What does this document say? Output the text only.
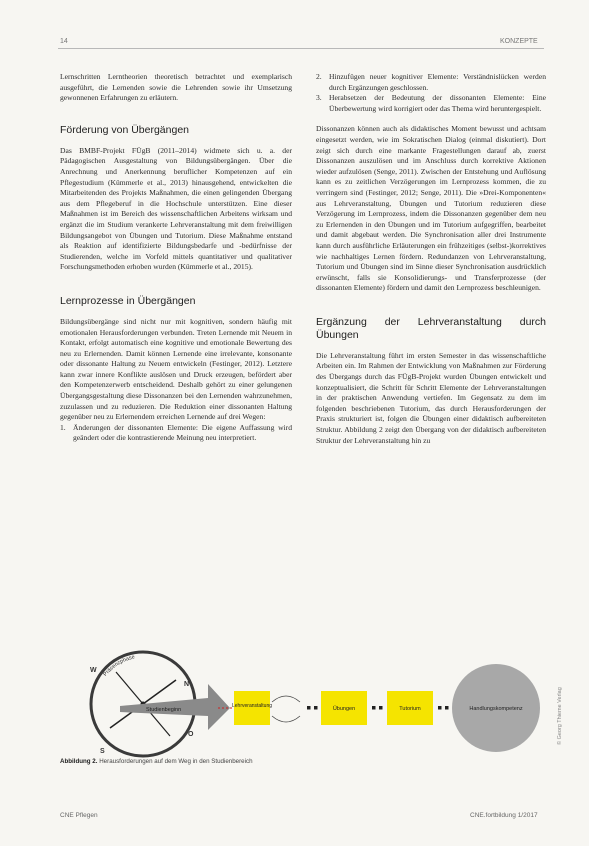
14	KONZEPTE

Lernschritten Lerntheorien theoretisch betrachtet und exemplarisch ausgeführt, die Lernenden sowie die Lehrenden sowie ihr Umsetzung gewonnenen Erfahrungen zu erläutern.

Förderung von Übergängen

Das BMBF-Projekt FÜgB (2011–2014) widmete sich u. a. der Pädagogischen Ausgestaltung von Bildungsübergängen. Über die Anrechnung und Anerkennung beruflicher Kompetenzen auf ein Pflegestudium (Kümmerle et al., 2013) hinausgehend, entwickelten die Mitarbeitenden des Projekts Maßnahmen, die einen gelingenden Übergang aus dem Pflegeberuf in die Hochschule unterstützen. Eine dieser Maßnahmen ist im Bereich des wissenschaftlichen Arbeitens wirksam und ergänzt die im Studium verankerte Lehrveranstaltung mit dem freiwilligen Bildungsangebot von Übungen und Tutorium. Diese Maßnahme entstand als Reaktion auf identifizierte Bildungsbedarfe und -bedürfnisse der Studierenden, welche im Vorfeld mittels quantitativer und qualitativer Forschungsmethoden erhoben wurden (Kümmerle et al., 2015).

Lernprozesse in Übergängen

Bildungsübergänge sind nicht nur mit kognitiven, sondern häufig mit emotionalen Herausforderungen verbunden. Treten Lernende mit Neuem in Kontakt, erfolgt automatisch eine kognitive und emotionale Bewertung des neu zu Erlernenden. Damit können Lernende eine irrelevante, konsonante oder dissonante Haltung zu Neuem entwickeln (Festinger, 2012). Letztere kann zwar innere Konflikte auslösen und Druck erzeugen, befördert aber den Kompetenzerwerb entscheidend. Deshalb gehört zu einer gelungenen Übergangsgestaltung diese Dissonanzen bei den Lernenden wahrzunehmen, zuzulassen und zu reduzieren. Die Reduktion einer dissonanten Haltung gegenüber neu zu Erlernendem erreichen Lernende auf drei Wegen:

1. Änderungen der dissonanten Elemente: Die eigene Auffassung wird geändert oder die kontrastierende Meinung neu interpretiert.
2. Hinzufügen neuer kognitiver Elemente: Verständnislücken werden durch Ergänzungen geschlossen.
3. Herabsetzen der Bedeutung der dissonanten Elemente: Eine Überbewertung wird korrigiert oder das Thema wird heruntergespielt.

Dissonanzen können auch als didaktisches Moment bewusst und achtsam eingesetzt werden, wie im Sokratischen Dialog (einmal diskutiert). Dort zeigt sich durch eine markante Fragestellungen darauf ab, zuerst Dissonanzen auszulösen und im Anschluss durch korrektive Aktionen wieder aufzulösen (Senge, 2011). Zwischen der Entstehung und Auflösung kann es zu zeitlichen Verzögerungen im Lernprozess kommen, die zu verringern sind (Festinger, 2012; Senge, 2011). Die »Drei-Komponenten« aus Lehrveranstaltung, Übungen und Tutorium reduzieren diese Verzögerung im Lernprozess, indem die Dissonanzen gegenüber dem neu zu Erlernenden in den Übungen und im Tutorium aufgegriffen, bearbeitet und damit abgebaut werden. Die Synchronisation aller drei Instrumente kann durch ausführliche Erläuterungen ein frühzeitiges (selbst-)korrektives wie nachhaltiges Lernen fördern. Redundanzen von Lehrveranstaltung, Tutorium und Übungen sind im Sinne dieser Synchronisation ausdrücklich erwünscht, falls sie Konsolidierungs- und Transferprozesse (der dissonanten Elemente) fördern und damit den Lernprozess beschleunigen.

Ergänzung der Lehrveranstaltung durch Übungen

Die Lehrveranstaltung führt im ersten Semester in das wissenschaftliche Arbeiten ein. Im Rahmen der Entwicklung von Maßnahmen zur Förderung des Übergangs durch das FÜgB-Projekt wurden Übungen entwickelt und konzeptualisiert, die Schritt für Schritt Elemente der Lehrveranstaltungen in der praktischen Anwendung vertiefen. Im Gegensatz zu dem im folgenden beschriebenen Tutorium, das durch Herausforderungen der Praxis strukturiert ist, folgen die Übungen einer didaktisch aufbereiteten Struktur. Abbildung 2 zeigt den Übergang von der didaktisch aufbereiteten Struktur der Lehrveranstaltung hin zu

Präsenzphase
N
O
S
W
Studienbeginn
Lehrveranstaltung	Übungen	Tutorium	Handlungskompetenz
Abbildung 2. Herausforderungen auf dem Weg in den Studienbereich
© Georg Thieme Verlag
CNE Pflegen	CNE.fortbildung 1/2017
